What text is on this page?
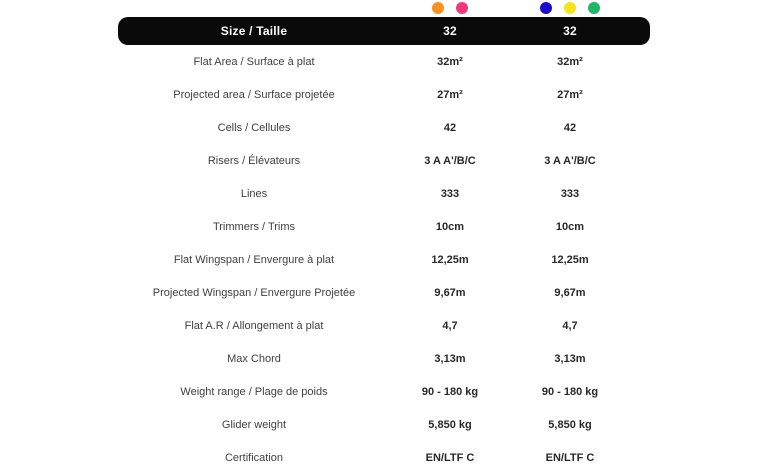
Size / Taille	32	32
Flat Area / Surface à plat	32m²	32m²
Projected area / Surface projetée	27m²	27m²
Cells / Cellules	42	42
Risers / Élévateurs	3 A A'/B/C	3 A A'/B/C
Lines	333	333
Trimmers / Trims	10cm	10cm
Flat Wingspan / Envergure à plat	12,25m	12,25m
Projected Wingspan / Envergure Projetée	9,67m	9,67m
Flat A.R / Allongement à plat	4,7	4,7
Max Chord	3,13m	3,13m
Weight range / Plage de poids	90 - 180 kg	90 - 180 kg
Glider weight	5,850 kg	5,850 kg
Certification	EN/LTF C	EN/LTF C
